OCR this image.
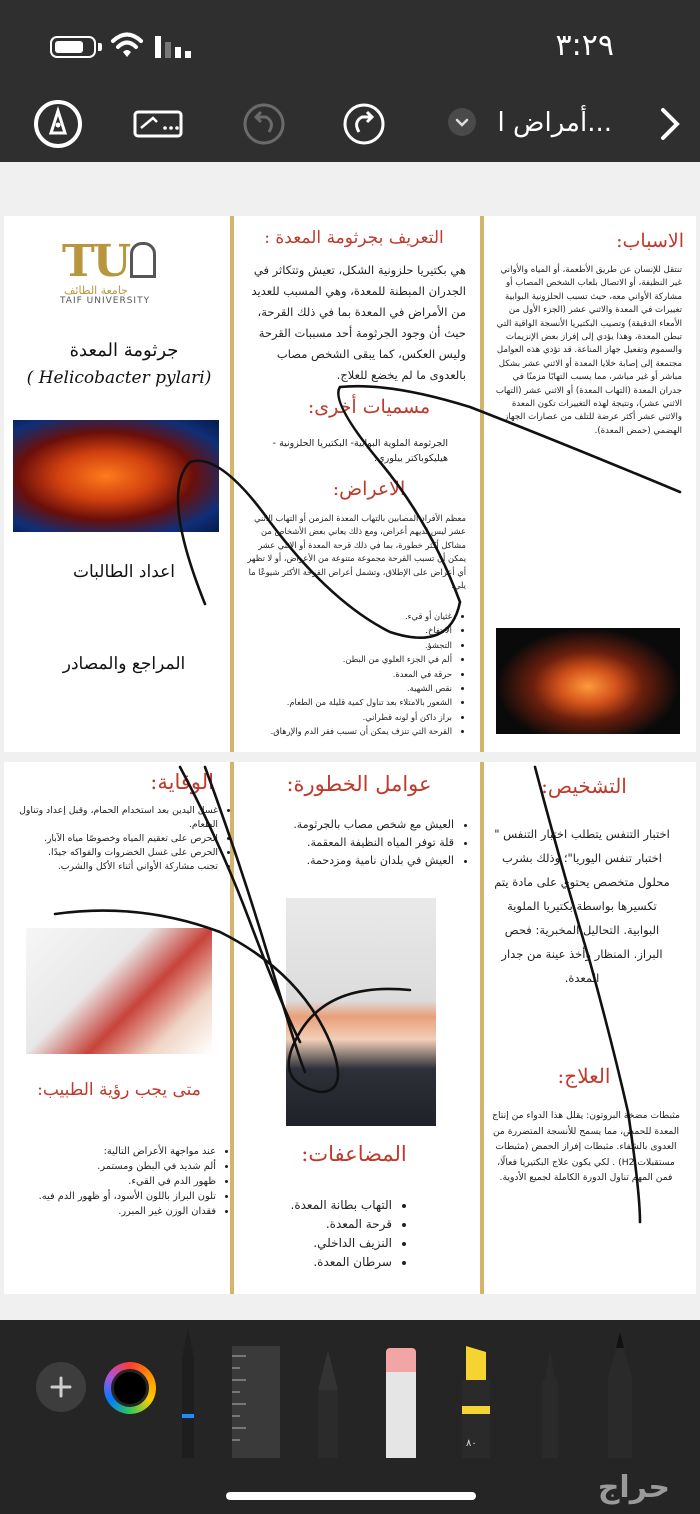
٣:٢٩
أمراض ا...
TU
جامعة الطائف
TAIF UNIVERSITY
جرثومة المعدة
(Helicobacter pylari )
اعداد الطالبات
المراجع والمصادر
التعريف بجرثومة المعدة :
هي بكتيريا حلزونية الشكل، تعيش وتتكاثر في الجدران المبطنة للمعدة، وهي المسبب للعديد من الأمراض في المعدة بما في ذلك القرحة، حيث أن وجود الجرثومة أحد مسببات القرحة وليس العكس، كما يبقى الشخص مصاب بالعدوى ما لم يخضع للعلاج.
مسميات أخرى:
الجرثومة الملوية البوابية- البكتيريا الحلزونية - هيليكوباكتر بيلوري.
الاعراض:
معظم الأفراد المصابين بالتهاب المعدة المزمن أو التهاب الاثني عشر ليس لديهم أعراض، ومع ذلك يعاني بعض الأشخاص من مشاكل أكثر خطورة، بما في ذلك قرحة المعدة أو الاثني عشر يمكن أن تسبب القرحة مجموعة متنوعة من الأعراض، أو لا تظهر أي أعراض على الإطلاق، وتشمل أعراض القرحة الأكثر شيوعًا ما يلي:
• غثيان أو قيء.
• الانتفاخ.
• التجشؤ.
• ألم في الجزء العلوي من البطن.
• حرقة في المعدة.
• نقص الشهية.
• الشعور بالامتلاء بعد تناول كمية قليلة من الطعام.
• براز داكن أو لونه قطراني.
• القرحة التي تنزف يمكن أن تسبب فقر الدم والإرهاق.
الاسباب:
تنتقل للإنسان عن طريق الأطعمة، أو المياه والأواني غير النظيفة، أو الاتصال بلعاب الشخص المصاب أو مشاركة الأواني معه، حيث تسبب الحلزونية البوابية تغييرات في المعدة والاثني عشر (الجزء الأول من الأمعاء الدقيقة) وتصيب البكتيريا الأنسجة الواقية التي تبطن المعدة، وهذا يؤدي إلى إفراز بعض الإنزيمات والسموم وتفعيل جهاز المناعة. قد تؤدي هذه العوامل مجتمعة إلى إصابة خلايا المعدة أو الاثني عشر بشكل مباشر أو غير مباشر، مما يسبب التهابًا مزمنًا في جدران المعدة (التهاب المعدة) أو الاثني عشر (التهاب الاثني عشر)، ونتيجة لهذه التغييرات تكون المعدة والاثني عشر أكثر عرضة للتلف من عصارات الجهاز الهضمي (حمض المعدة).
الوقاية:
• غسل اليدين بعد استخدام الحمام، وقبل إعداد وتناول الطعام.
• الحرص على تعقيم المياه وخصوصًا مياه الآبار.
• الحرص على غسل الخضروات والفواكه جيدًا.
• تجنب مشاركة الأواني أثناء الأكل والشرب.
متى يجب رؤية الطبيب:
• عند مواجهة الأعراض التالية:
• ألم شديد في البطن ومستمر.
• ظهور الدم في القيء.
• تلون البراز باللون الأسود، أو ظهور الدم فيه.
• فقدان الوزن غير المبرر.
عوامل الخطورة:
• العيش مع شخص مصاب بالجرثومة.
• قلة توفر المياه النظيفة المعقمة.
• العيش في بلدان نامية ومزدحمة.
المضاعفات:
• التهاب بطانة المعدة.
• قرحة المعدة.
• النزيف الداخلي.
• سرطان المعدة.
التشخيص:
اختبار التنفس يتطلب اختبار التنفس " اختبار تنفس اليوريا"؛ وذلك بشرب محلول متخصص يحتوي على مادة يتم تكسيرها بواسطة بكتيريا الملوية البوابية. التحاليل المخبرية: فحص البراز. المنظار وأخذ عينة من جدار المعدة.
العلاج:
مثبطات مضخة البروتون: يقلل هذا الدواء من إنتاج المعدة للحمض، مما يسمح للأنسجة المتضررة من العدوى بالشفاء. مثبطات إفراز الحمض (مثبطات مستقبلات H2) . لكي يكون علاج البكتيريا فعالًا، فمن المهم تناول الدورة الكاملة لجميع الأدوية.
٨٠
حراج
